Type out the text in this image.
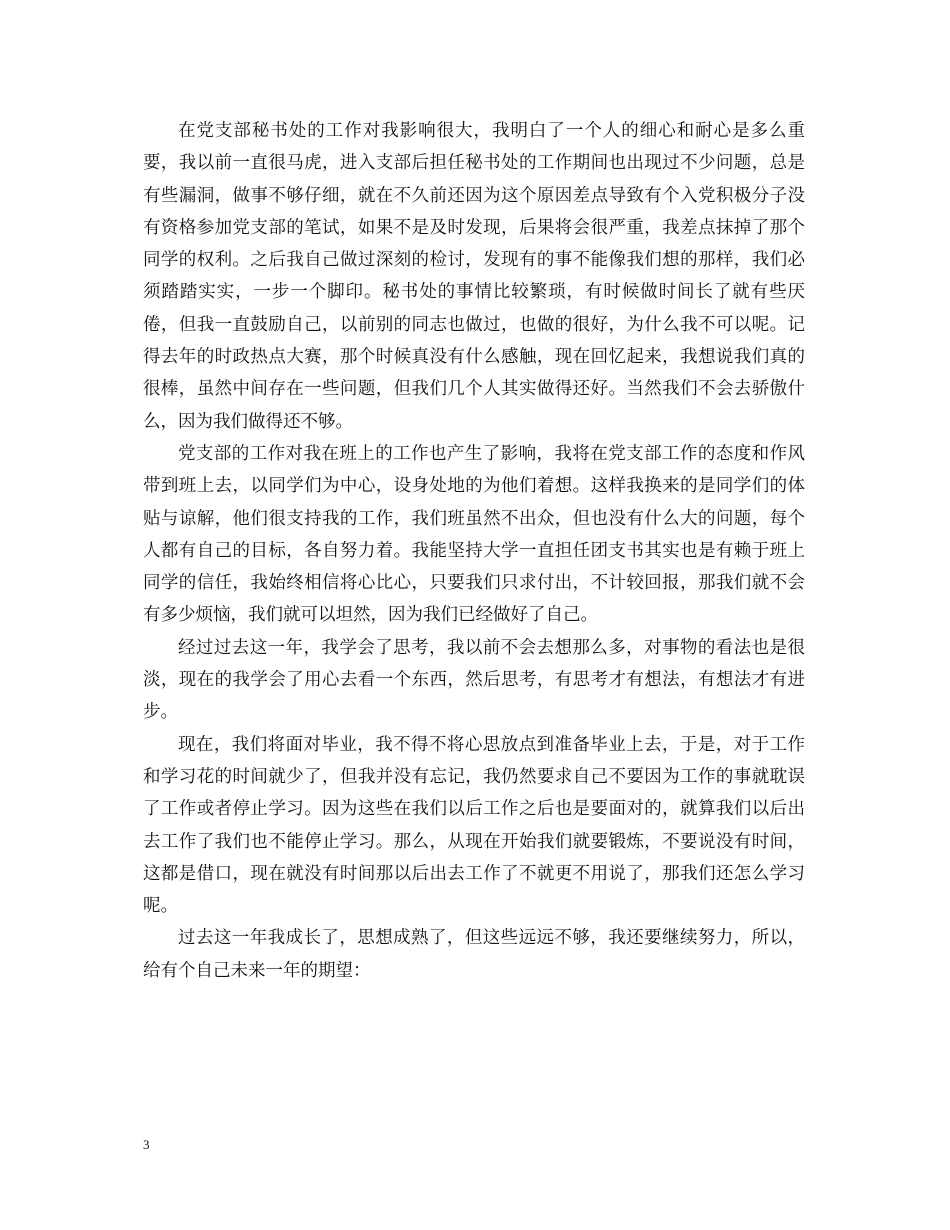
在党支部秘书处的工作对我影响很大，我明白了一个人的细心和耐心是多么重要，我以前一直很马虎，进入支部后担任秘书处的工作期间也出现过不少问题，总是有些漏洞，做事不够仔细，就在不久前还因为这个原因差点导致有个入党积极分子没有资格参加党支部的笔试，如果不是及时发现，后果将会很严重，我差点抹掉了那个同学的权利。之后我自己做过深刻的检讨，发现有的事不能像我们想的那样，我们必须踏踏实实，一步一个脚印。秘书处的事情比较繁琐，有时候做时间长了就有些厌倦，但我一直鼓励自己，以前别的同志也做过，也做的很好，为什么我不可以呢。记得去年的时政热点大赛，那个时候真没有什么感触，现在回忆起来，我想说我们真的很棒，虽然中间存在一些问题，但我们几个人其实做得还好。当然我们不会去骄傲什么，因为我们做得还不够。

党支部的工作对我在班上的工作也产生了影响，我将在党支部工作的态度和作风带到班上去，以同学们为中心，设身处地的为他们着想。这样我换来的是同学们的体贴与谅解，他们很支持我的工作，我们班虽然不出众，但也没有什么大的问题，每个人都有自己的目标，各自努力着。我能坚持大学一直担任团支书其实也是有赖于班上同学的信任，我始终相信将心比心，只要我们只求付出，不计较回报，那我们就不会有多少烦恼，我们就可以坦然，因为我们已经做好了自己。

经过过去这一年，我学会了思考，我以前不会去想那么多，对事物的看法也是很淡，现在的我学会了用心去看一个东西，然后思考，有思考才有想法，有想法才有进步。

现在，我们将面对毕业，我不得不将心思放点到准备毕业上去，于是，对于工作和学习花的时间就少了，但我并没有忘记，我仍然要求自己不要因为工作的事就耽误了工作或者停止学习。因为这些在我们以后工作之后也是要面对的，就算我们以后出去工作了我们也不能停止学习。那么，从现在开始我们就要锻炼，不要说没有时间，这都是借口，现在就没有时间那以后出去工作了不就更不用说了，那我们还怎么学习呢。

过去这一年我成长了，思想成熟了，但这些远远不够，我还要继续努力，所以，给有个自己未来一年的期望：

3
